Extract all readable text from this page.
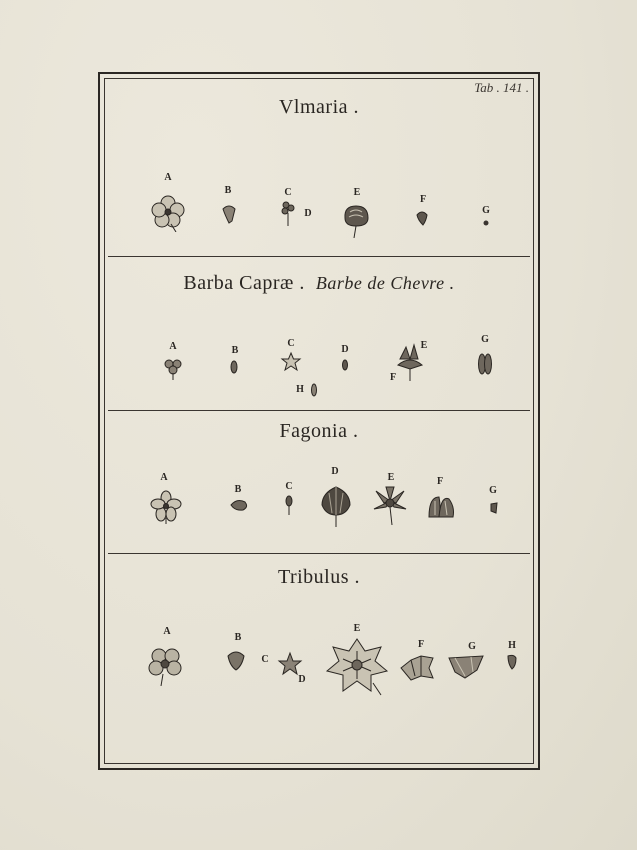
Tab . 141 .
Vlmaria .
A
B	C
D
E
F
G
Barba Capræ . Barbe de Chevre .
A	B
C
D	E
F
G
H
Fagonia .
A
B	C
D
E	F
G
Tribulus .
A
B
C
D
E
F	G	H
